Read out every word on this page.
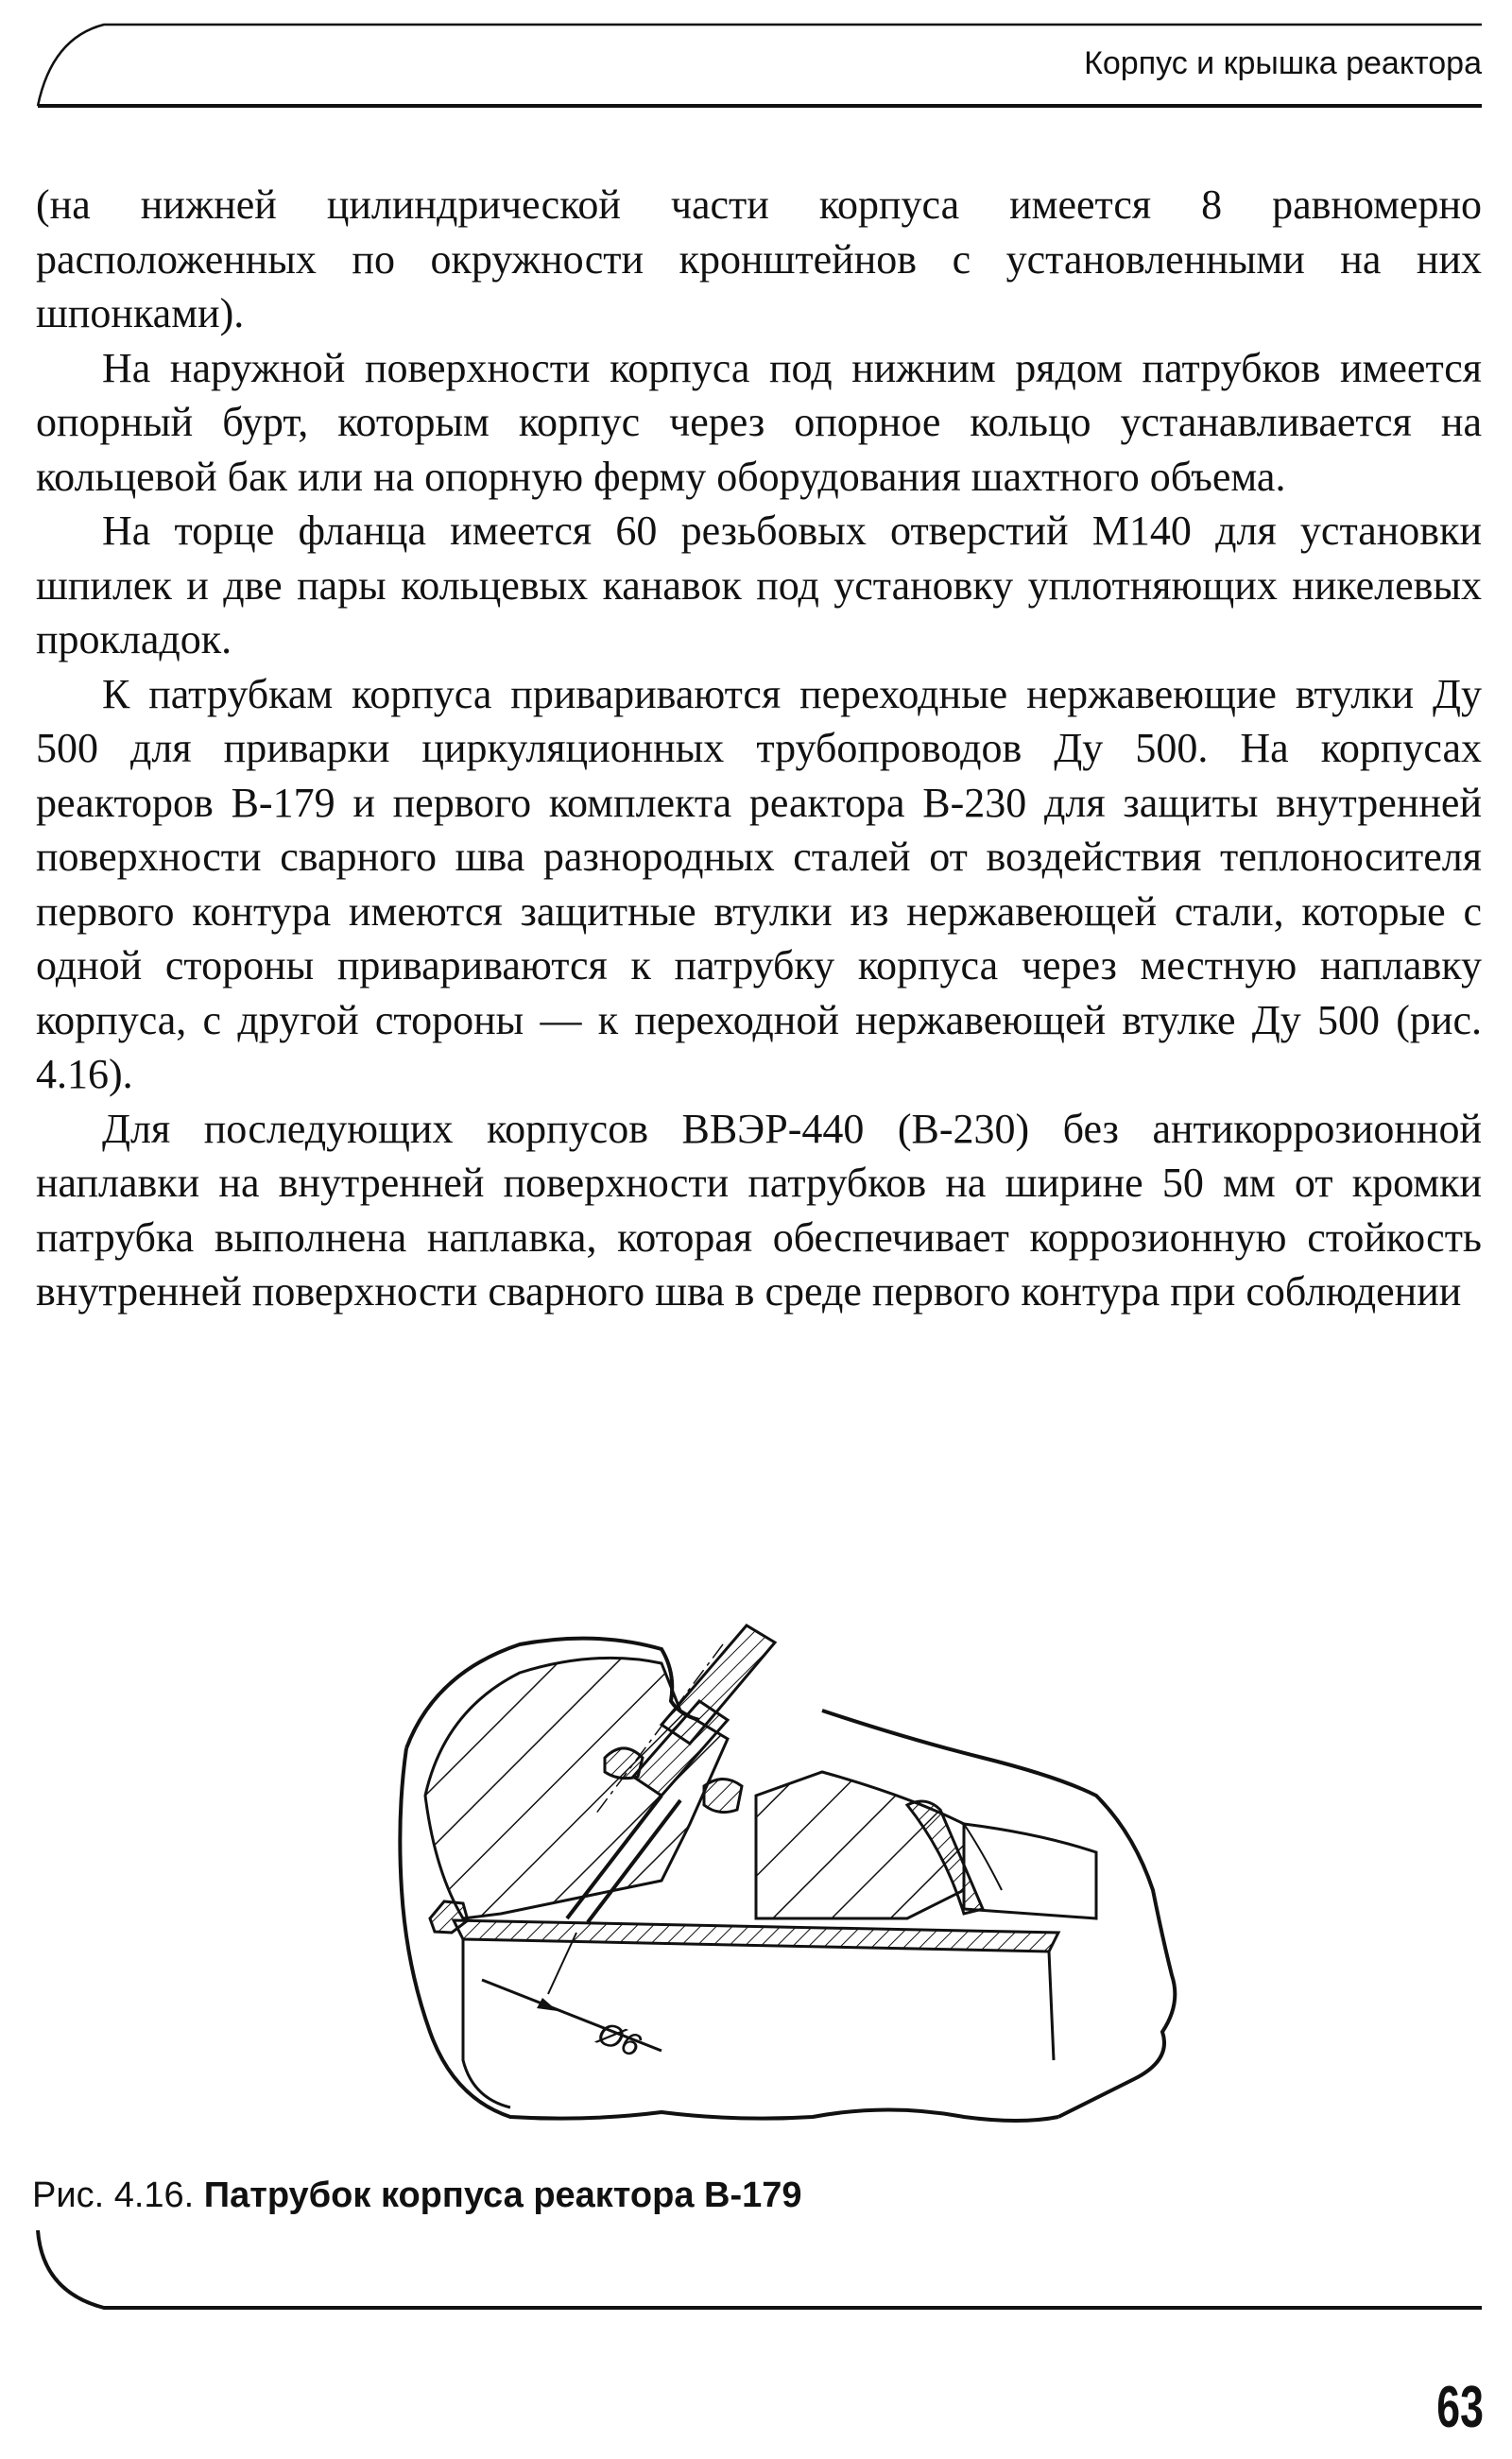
Корпус и крышка реактора

(на нижней цилиндрической части корпуса имеется 8 равномерно расположенных по окружности кронштейнов с установленными на них шпонками).

На наружной поверхности корпуса под нижним рядом патрубков имеется опорный бурт, которым корпус через опорное кольцо устанавливается на кольцевой бак или на опорную ферму оборудования шахтного объема.

На торце фланца имеется 60 резьбовых отверстий М140 для установки шпилек и две пары кольцевых канавок под установку уплотняющих никелевых прокладок.

К патрубкам корпуса привариваются переходные нержавеющие втулки Ду 500 для приварки циркуляционных трубопроводов Ду 500. На корпусах реакторов В-179 и первого комплекта реактора В-230 для защиты внутренней поверхности сварного шва разнородных сталей от воздействия теплоносителя первого контура имеются защитные втулки из нержавеющей стали, которые с одной стороны привариваются к патрубку корпуса через местную наплавку корпуса, с другой стороны — к переходной нержавеющей втулке Ду 500 (рис. 4.16).

Для последующих корпусов ВВЭР-440 (В-230) без антикоррозионной наплавки на внутренней поверхности патрубков на ширине 50 мм от кромки патрубка выполнена наплавка, которая обеспечивает коррозионную стойкость внутренней поверхности сварного шва в среде первого контура при соблюдении

Ø6
Рис. 4.16. Патрубок корпуса реактора В-179
63
